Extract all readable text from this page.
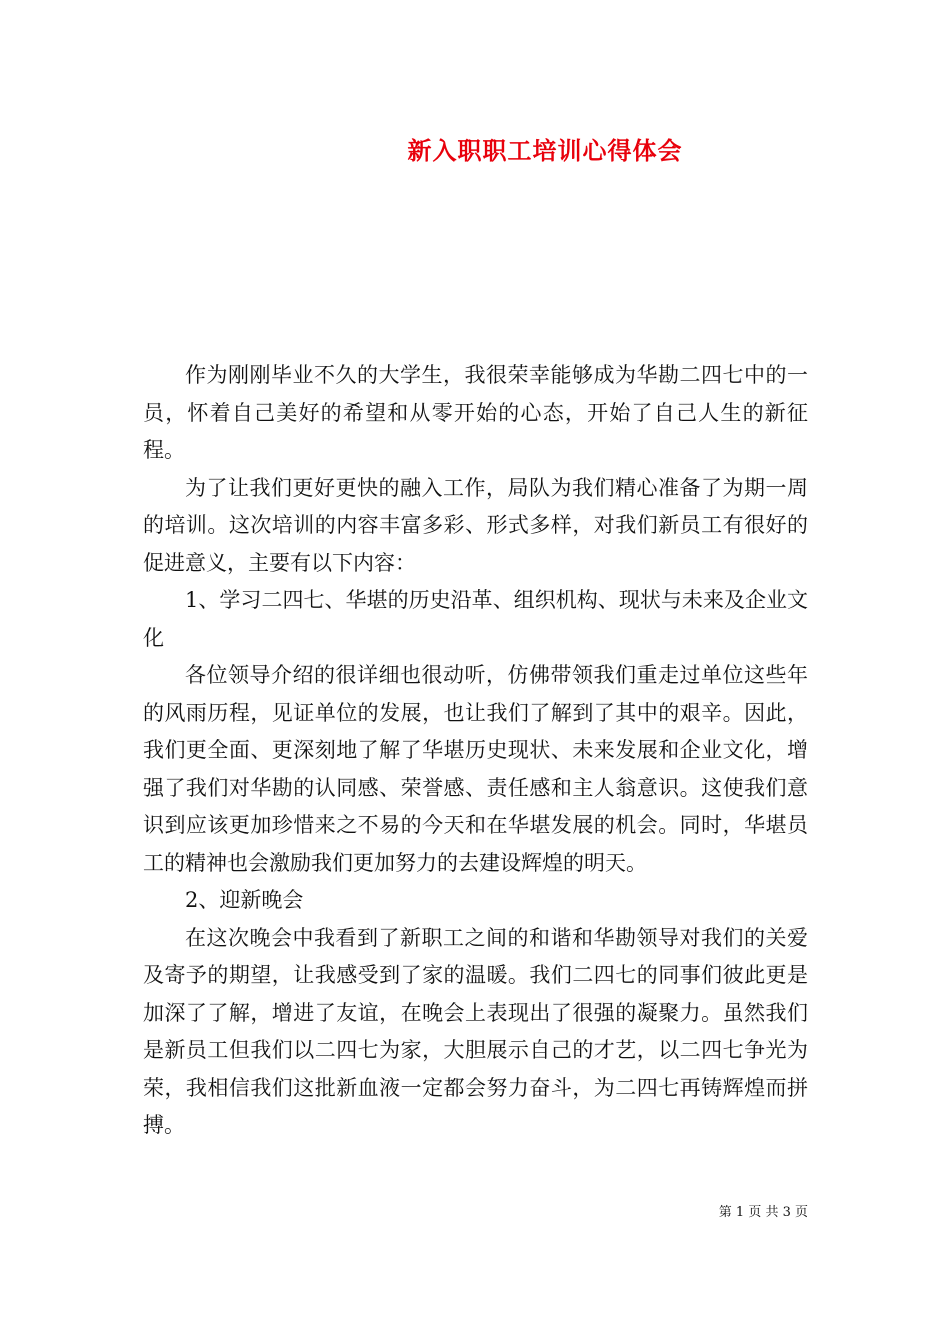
新入职职工培训心得体会

作为刚刚毕业不久的大学生，我很荣幸能够成为华勘二四七中的一员，怀着自己美好的希望和从零开始的心态，开始了自己人生的新征程。

为了让我们更好更快的融入工作，局队为我们精心准备了为期一周的培训。这次培训的内容丰富多彩、形式多样，对我们新员工有很好的促进意义，主要有以下内容：

1、学习二四七、华堪的历史沿革、组织机构、现状与未来及企业文化

各位领导介绍的很详细也很动听，仿佛带领我们重走过单位这些年的风雨历程，见证单位的发展，也让我们了解到了其中的艰辛。因此，我们更全面、更深刻地了解了华堪历史现状、未来发展和企业文化，增强了我们对华勘的认同感、荣誉感、责任感和主人翁意识。这使我们意识到应该更加珍惜来之不易的今天和在华堪发展的机会。同时，华堪员工的精神也会激励我们更加努力的去建设辉煌的明天。

2、迎新晚会

在这次晚会中我看到了新职工之间的和谐和华勘领导对我们的关爱及寄予的期望，让我感受到了家的温暖。我们二四七的同事们彼此更是加深了了解，增进了友谊，在晚会上表现出了很强的凝聚力。虽然我们是新员工但我们以二四七为家，大胆展示自己的才艺，以二四七争光为荣，我相信我们这批新血液一定都会努力奋斗，为二四七再铸辉煌而拼搏。

第 1 页 共 3 页
